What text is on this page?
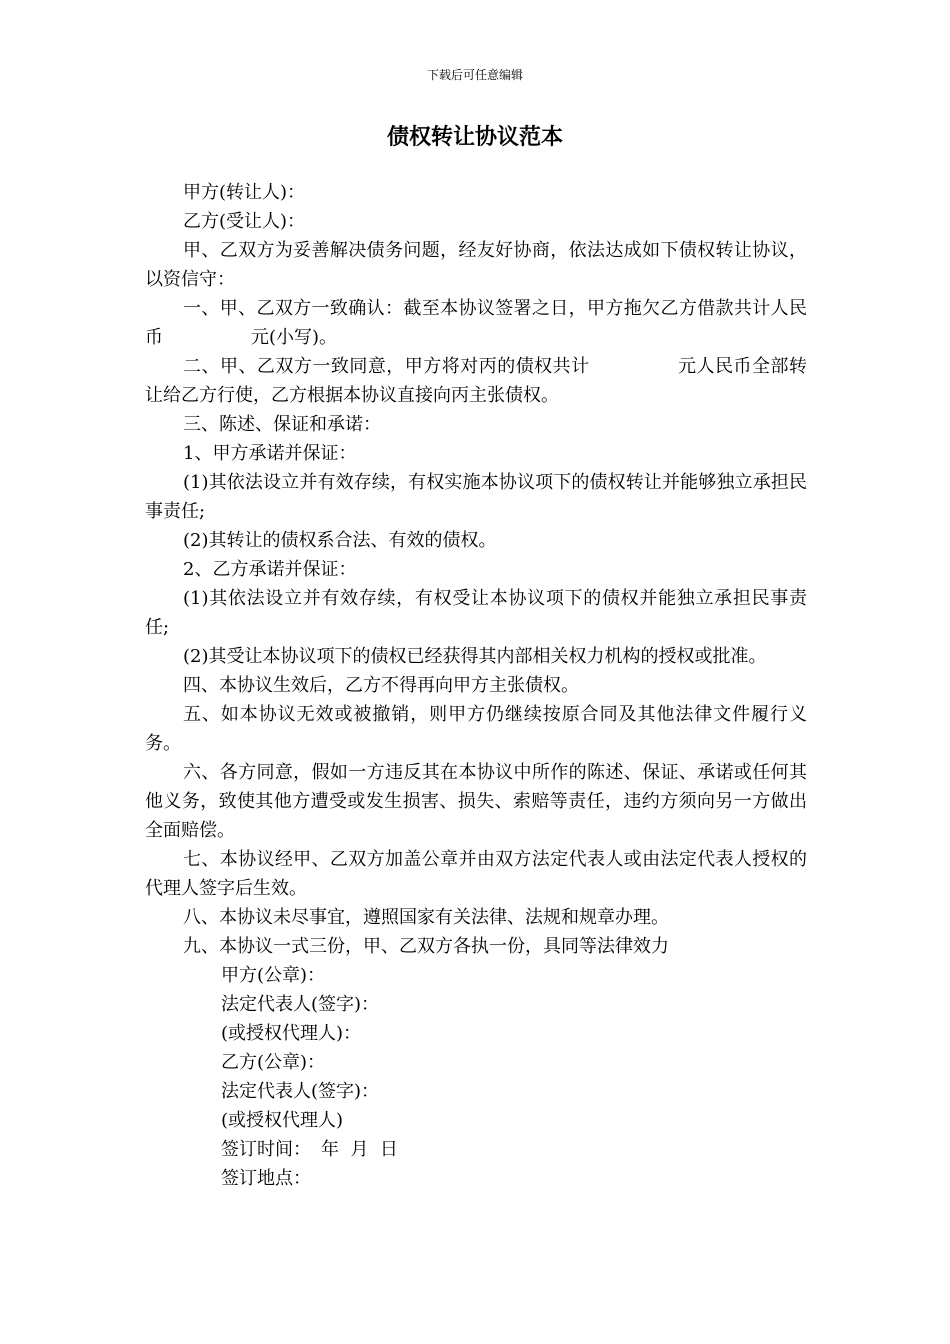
下载后可任意编辑
债权转让协议范本

甲方(转让人)：

乙方(受让人)：

甲、乙双方为妥善解决债务问题，经友好协商，依法达成如下债权转让协议，以资信守：

一、甲、乙双方一致确认：截至本协议签署之日，甲方拖欠乙方借款共计人民币	元(小写)。

二、甲、乙双方一致同意，甲方将对丙的债权共计	元人民币全部转让给乙方行使，乙方根据本协议直接向丙主张债权。

三、陈述、保证和承诺：

1、甲方承诺并保证：

(1)其依法设立并有效存续，有权实施本协议项下的债权转让并能够独立承担民事责任;

(2)其转让的债权系合法、有效的债权。

2、乙方承诺并保证：

(1)其依法设立并有效存续，有权受让本协议项下的债权并能独立承担民事责任;

(2)其受让本协议项下的债权已经获得其内部相关权力机构的授权或批准。

四、本协议生效后，乙方不得再向甲方主张债权。

五、如本协议无效或被撤销，则甲方仍继续按原合同及其他法律文件履行义务。

六、各方同意，假如一方违反其在本协议中所作的陈述、保证、承诺或任何其他义务，致使其他方遭受或发生损害、损失、索赔等责任，违约方须向另一方做出全面赔偿。

七、本协议经甲、乙双方加盖公章并由双方法定代表人或由法定代表人授权的代理人签字后生效。

八、本协议未尽事宜，遵照国家有关法律、法规和规章办理。

九、本协议一式三份，甲、乙双方各执一份，具同等法律效力

甲方(公章)：

法定代表人(签字)：

(或授权代理人)：

乙方(公章)：

法定代表人(签字)：

(或授权代理人)

签订时间： 年  月  日

签订地点：
